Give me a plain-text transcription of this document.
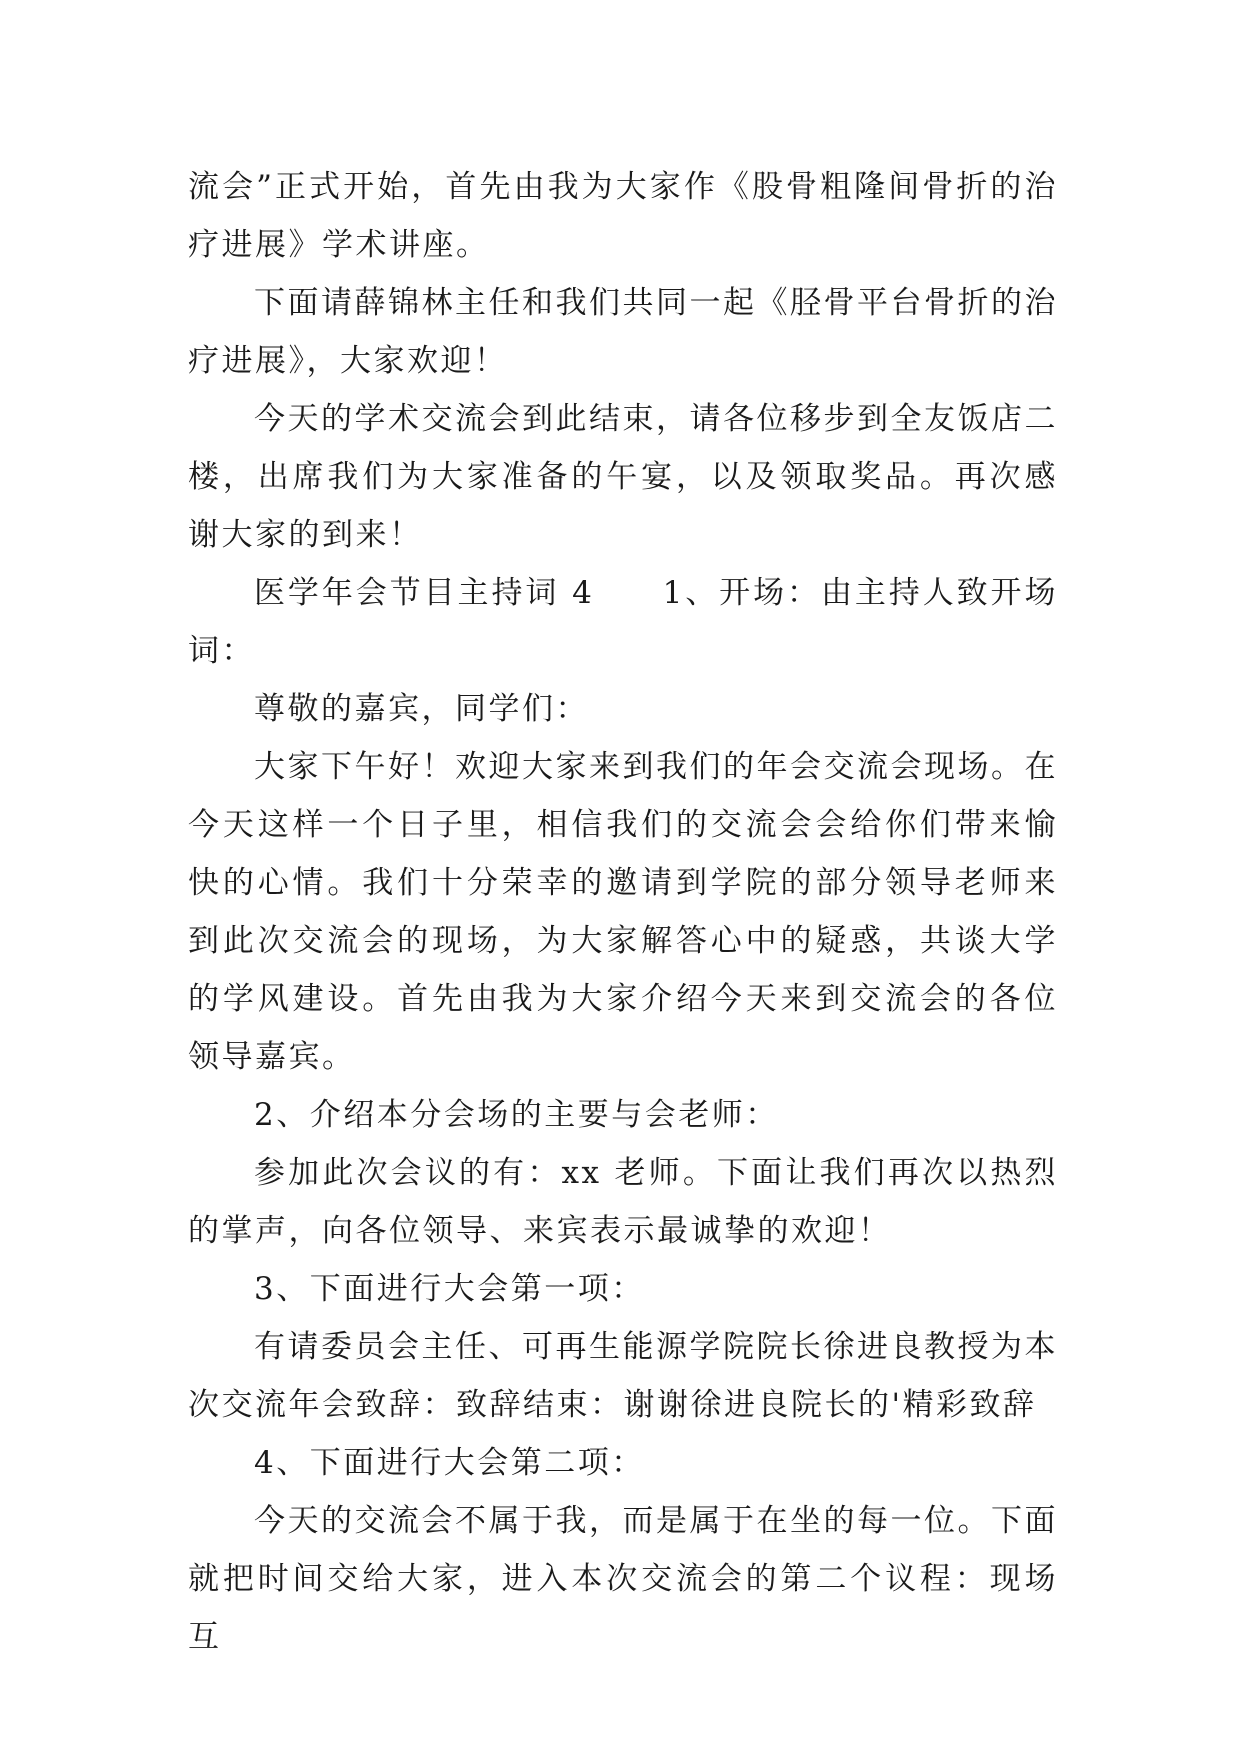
流会”正式开始，首先由我为大家作《股骨粗隆间骨折的治疗进展》学术讲座。

下面请薛锦林主任和我们共同一起《胫骨平台骨折的治疗进展》，大家欢迎！

今天的学术交流会到此结束，请各位移步到全友饭店二楼，出席我们为大家准备的午宴，以及领取奖品。再次感谢大家的到来！

医学年会节目主持词 4　　1、开场：由主持人致开场词：

尊敬的嘉宾，同学们：

大家下午好！欢迎大家来到我们的年会交流会现场。在今天这样一个日子里，相信我们的交流会会给你们带来愉快的心情。我们十分荣幸的邀请到学院的部分领导老师来到此次交流会的现场，为大家解答心中的疑惑，共谈大学的学风建设。首先由我为大家介绍今天来到交流会的各位领导嘉宾。

2、介绍本分会场的主要与会老师：

参加此次会议的有：xx 老师。下面让我们再次以热烈的掌声，向各位领导、来宾表示最诚挚的欢迎！

3、下面进行大会第一项：

有请委员会主任、可再生能源学院院长徐进良教授为本次交流年会致辞：致辞结束：谢谢徐进良院长的'精彩致辞

4、下面进行大会第二项：

今天的交流会不属于我，而是属于在坐的每一位。下面就把时间交给大家，进入本次交流会的第二个议程：现场互
